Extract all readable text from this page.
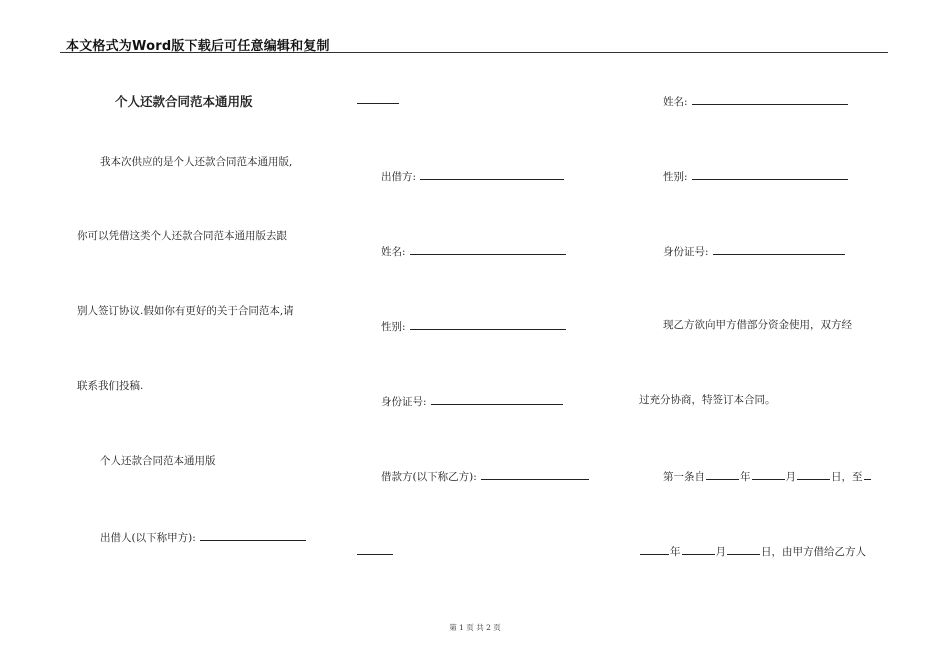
本文格式为Word版下载后可任意编辑和复制
个人还款合同范本通用版
我本次供应的是个人还款合同范本通用版,
你可以凭借这类个人还款合同范本通用版去跟
别人签订协议.假如你有更好的关于合同范本,请
联系我们投稿.
个人还款合同范本通用版
出借人(以下称甲方):
出借方:
姓名:
性别:
身份证号:
借款方(以下称乙方):
姓名:
性别:
身份证号:
现乙方欲向甲方借部分资金使用，双方经
过充分协商，特签订本合同。
第一条自	年	月	日，至
年	月	日，由甲方借给乙方人
第 1 页 共 2 页
